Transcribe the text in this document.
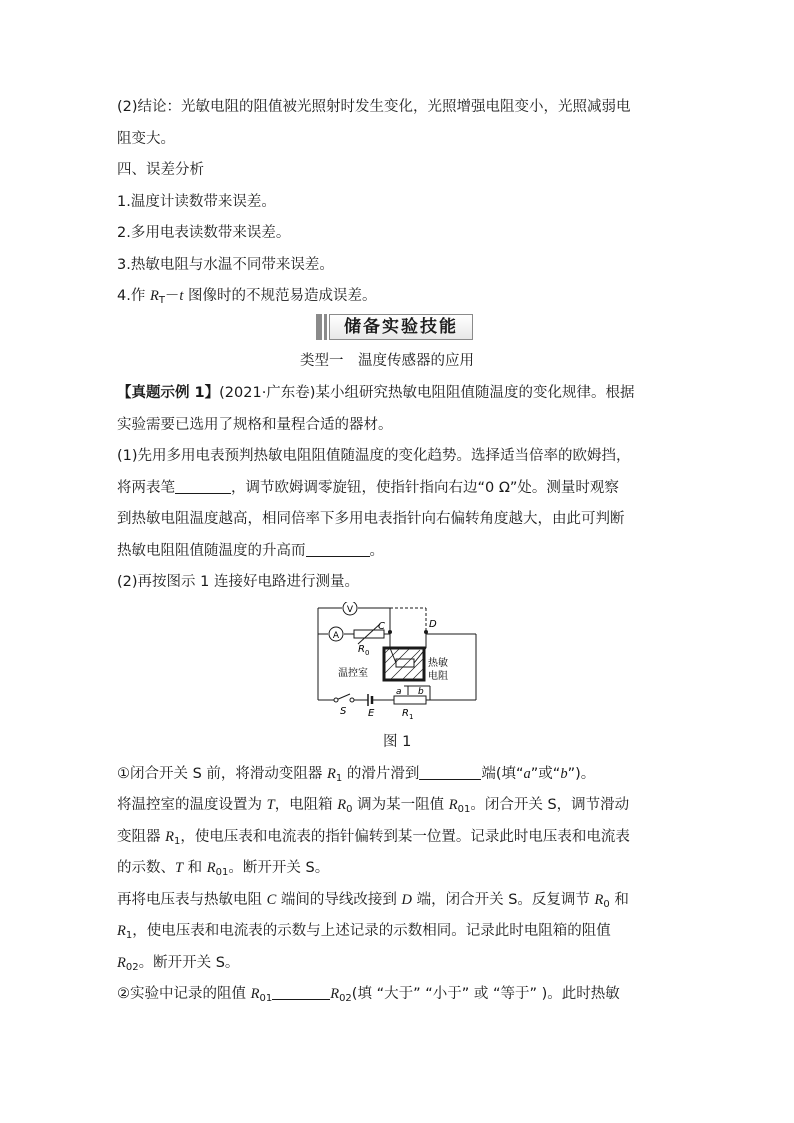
(2)结论：光敏电阻的阻值被光照射时发生变化，光照增强电阻变小，光照减弱电
阻变大。
四、误差分析
1.温度计读数带来误差。
2.多用电表读数带来误差。
3.热敏电阻与水温不同带来误差。
4.作 $R_T-t$ 图像时的不规范易造成误差。
储备实验技能
类型一　温度传感器的应用
【真题示例 1】(2021·广东卷)某小组研究热敏电阻阻值随温度的变化规律。根据
实验需要已选用了规格和量程合适的器材。
(1)先用多用电表预判热敏电阻阻值随温度的变化趋势。选择适当倍率的欧姆挡，
将两表笔	，调节欧姆调零旋钮，使指针指向右边“0 Ω”处。测量时观察
到热敏电阻温度越高，相同倍率下多用电表指针向右偏转角度越大，由此可判断
热敏电阻阻值随温度的升高而	。
(2)再按图示 1 连接好电路进行测量。
V
A
C	D
R 0
温控室
热敏
电阻
S E
a b
R 1
图 1
①闭合开关 S 前，将滑动变阻器 $R_1$ 的滑片滑到	端(填“a”或“b”)。
将温控室的温度设置为 T，电阻箱 $R_0$ 调为某一阻值 $R_{01}$。闭合开关 S，调节滑动
变阻器 $R_1$，使电压表和电流表的指针偏转到某一位置。记录此时电压表和电流表
的示数、T 和 $R_{01}$。断开开关 S。
再将电压表与热敏电阻 C 端间的导线改接到 D 端，闭合开关 S。反复调节 $R_0$ 和
$R_1$，使电压表和电流表的示数与上述记录的示数相同。记录此时电阻箱的阻值
$R_{02}$。断开开关 S。
②实验中记录的阻值 $R_{01}$	$R_{02}$(填 “大于” “小于” 或 “等于” )。此时热敏
